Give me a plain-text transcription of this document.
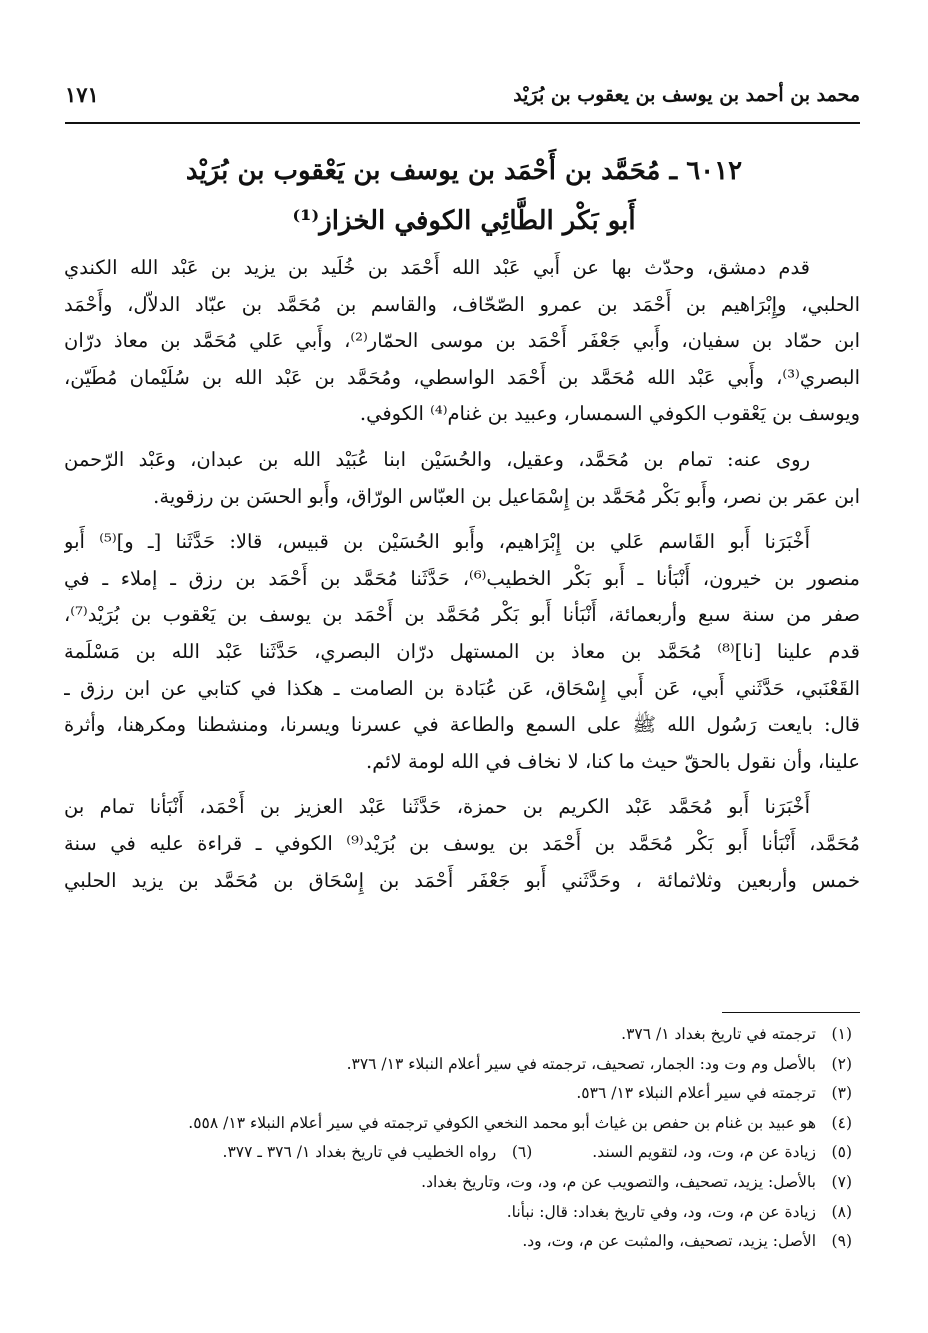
محمد بن أحمد بن يوسف بن يعقوب بن بُرَيْد
١٧١
٦٠١٢ ـ مُحَمَّد بن أَحْمَد بن يوسف بن يَعْقوب بن بُرَيْد
أَبو بَكْر الطَّائِي الكوفي الخزاز⁽¹⁾

قدم دمشق، وحدّث بها عن أَبي عَبْد الله أَحْمَد بن خُلَيد بن يزيد بن عَبْد الله الكندي
الحلبي، وإِبْرَاهيم بن أَحْمَد بن عمرو الصّحّاف، والقاسم بن مُحَمَّد بن عبّاد الدلاّل، وأَحْمَد
ابن حمّاد بن سفيان، وأَبي جَعْفَر أَحْمَد بن موسى الحمّار⁽²⁾، وأَبي عَلي مُحَمَّد بن معاذ درّان
البصري⁽³⁾، وأَبي عَبْد الله مُحَمَّد بن أَحْمَد الواسطي، ومُحَمَّد بن عَبْد الله بن سُلَيْمان مُطَيّن،
ويوسف بن يَعْقوب الكوفي السمسار، وعبيد بن غنام⁽⁴⁾ الكوفي.

روى عنه: تمام بن مُحَمَّد، وعقيل، والحُسَيْن ابنا عُبَيْد الله بن عبدان، وعَبْد الرّحمن
ابن عمَر بن نصر، وأَبو بَكْر مُحَمَّد بن إِسْمَاعيل بن العبّاس الورّاق، وأَبو الحسَن بن رزقوية.

أَخْبَرَنا أَبو القَاسم عَلي بن إِبْرَاهيم، وأَبو الحُسَيْن بن قبيس، قالا: حَدَّثَنا [ـ و]⁽⁵⁾ أَبو
منصور بن خيرون، أَنْبَأنا ـ أَبو بَكْر الخطيب⁽⁶⁾، حَدَّثَنا مُحَمَّد بن أَحْمَد بن رزق ـ إملاء ـ في
صفر من سنة سبع وأربعمائة، أَنْبَأنا أَبو بَكْر مُحَمَّد بن أَحْمَد بن يوسف بن يَعْقوب بن بُرَيْد⁽⁷⁾،
قدم علينا [نا]⁽⁸⁾ مُحَمَّد بن معاذ بن المستهل درّان البصري، حَدَّثَنا عَبْد الله بن مَسْلَمة
القَعْنَبي، حَدَّثَني أَبي، عَن أَبي إِسْحَاق، عَن عُبَادة بن الصامت ـ هكذا في كتابي عن ابن رزق ـ
قال: بايعت رَسُول الله ﷺ على السمع والطاعة في عسرنا ويسرنا، ومنشطنا ومكرهنا، وأثرة
علينا، وأن نقول بالحقّ حيث ما كنا، لا نخاف في الله لومة لائم.

أَخْبَرَنا أَبو مُحَمَّد عَبْد الكريم بن حمزة، حَدَّثَنا عَبْد العزيز بن أَحْمَد، أَنْبَأنا تمام بن
مُحَمَّد، أَنْبَأنا أَبو بَكْر مُحَمَّد بن أَحْمَد بن يوسف بن بُرَيْد⁽⁹⁾ الكوفي ـ قراءة عليه في سنة
خمس وأربعين وثلاثمائة ، وحَدَّثَني أَبو جَعْفَر أَحْمَد بن إِسْحَاق بن مُحَمَّد بن يزيد الحلبي

(١)ترجمته في تاريخ بغداد ١/ ٣٧٦.
(٢)بالأصل وم وت ود: الجمار، تصحيف، ترجمته في سير أعلام النبلاء ١٣/ ٣٧٦.
(٣)ترجمته في سير أعلام النبلاء ١٣/ ٥٣٦.
(٤)هو عبيد بن غنام بن حفص بن غياث أبو محمد النخعي الكوفي ترجمته في سير أعلام النبلاء ١٣/ ٥٥٨.
(٥)زيادة عن م، وت، ود، لتقويم السند.(٦)رواه الخطيب في تاريخ بغداد ١/ ٣٧٦ ـ ٣٧٧.
(٧)بالأصل: يزيد، تصحيف، والتصويب عن م، ود، وت، وتاريخ بغداد.
(٨)زيادة عن م، وت، ود، وفي تاريخ بغداد: قال: نبأنا.
(٩)الأصل: يزيد، تصحيف، والمثبت عن م، وت، ود.
